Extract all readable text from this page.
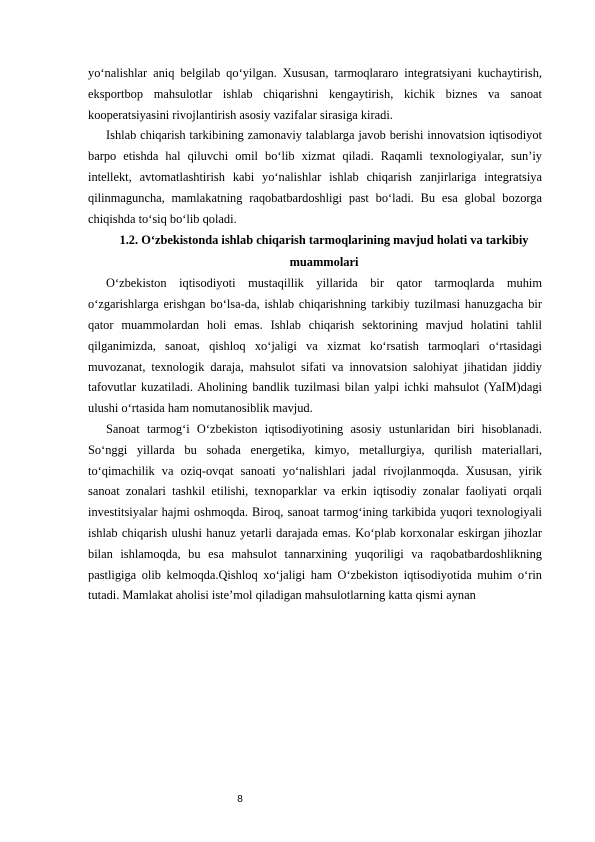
yo‘nalishlar aniq belgilab qo‘yilgan. Xususan, tarmoqlararo integratsiyani kuchaytirish, eksportbop mahsulotlar ishlab chiqarishni kengaytirish, kichik biznes va sanoat kooperatsiyasini rivojlantirish asosiy vazifalar sirasiga kiradi.

Ishlab chiqarish tarkibining zamonaviy talablarga javob berishi innovatsion iqtisodiyot barpo etishda hal qiluvchi omil bo‘lib xizmat qiladi. Raqamli texnologiyalar, sun’iy intellekt, avtomatlashtirish kabi yo‘nalishlar ishlab chiqarish zanjirlariga integratsiya qilinmaguncha, mamlakatning raqobatbardoshligi past bo‘ladi. Bu esa global bozorga chiqishda to‘siq bo‘lib qoladi.

1.2. O‘zbekistonda ishlab chiqarish tarmoqlarining mavjud holati va tarkibiy muammolari

O‘zbekiston iqtisodiyoti mustaqillik yillarida bir qator tarmoqlarda muhim o‘zgarishlarga erishgan bo‘lsa-da, ishlab chiqarishning tarkibiy tuzilmasi hanuzgacha bir qator muammolardan holi emas. Ishlab chiqarish sektorining mavjud holatini tahlil qilganimizda, sanoat, qishloq xo‘jaligi va xizmat ko‘rsatish tarmoqlari o‘rtasidagi muvozanat, texnologik daraja, mahsulot sifati va innovatsion salohiyat jihatidan jiddiy tafovutlar kuzatiladi. Aholining bandlik tuzilmasi bilan yalpi ichki mahsulot (YaIM)dagi ulushi o‘rtasida ham nomutanosiblik mavjud.

Sanoat tarmog‘i O‘zbekiston iqtisodiyotining asosiy ustunlaridan biri hisoblanadi. So‘nggi yillarda bu sohada energetika, kimyo, metallurgiya, qurilish materiallari, to‘qimachilik va oziq-ovqat sanoati yo‘nalishlari jadal rivojlanmoqda. Xususan, yirik sanoat zonalari tashkil etilishi, texnoparklar va erkin iqtisodiy zonalar faoliyati orqali investitsiyalar hajmi oshmoqda. Biroq, sanoat tarmog‘ining tarkibida yuqori texnologiyali ishlab chiqarish ulushi hanuz yetarli darajada emas. Ko‘plab korxonalar eskirgan jihozlar bilan ishlamoqda, bu esa mahsulot tannarxining yuqoriligi va raqobatbardoshlikning pastligiga olib kelmoqda.Qishloq xo‘jaligi ham O‘zbekiston iqtisodiyotida muhim o‘rin tutadi. Mamlakat aholisi iste’mol qiladigan mahsulotlarning katta qismi aynan

8
